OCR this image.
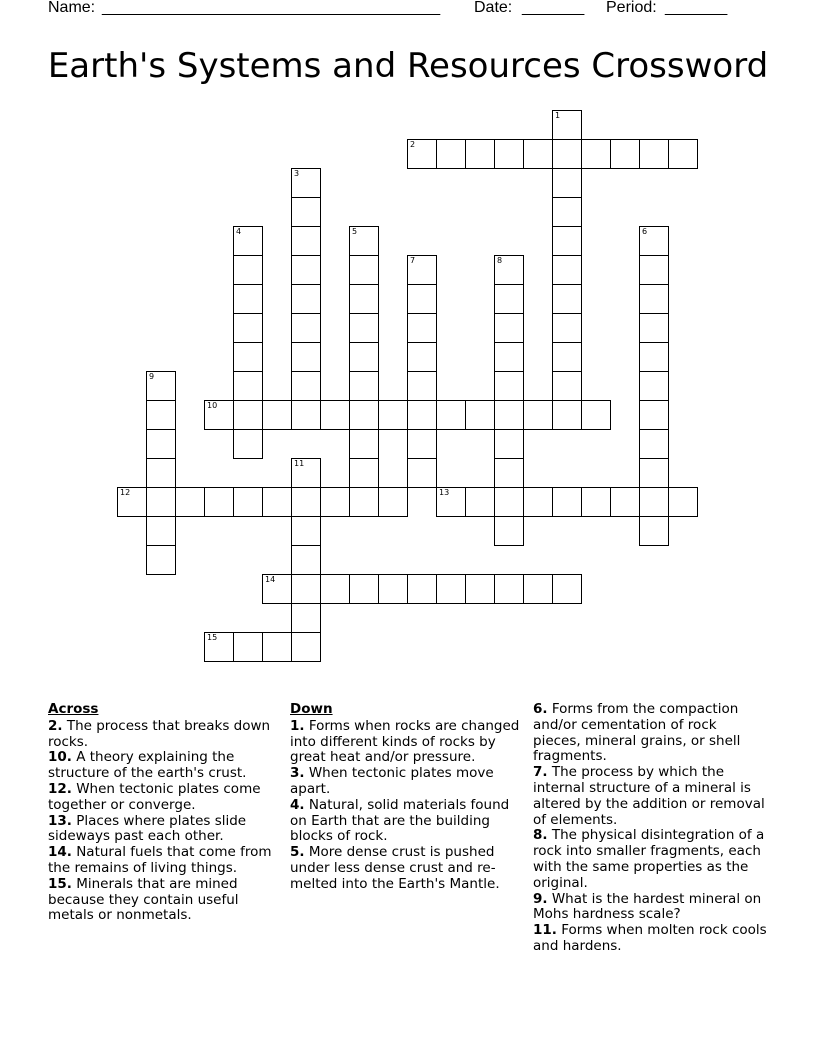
Name: ______________________________________ Date: _______ Period: _______
Earth's Systems and Resources Crossword
1
2
3
4	5	6
7	8
9
10
11
12	13
14
15
Across
2. The process that breaks down rocks.
10. A theory explaining the structure of the earth's crust.
12. When tectonic plates come together or converge.
13. Places where plates slide sideways past each other.
14. Natural fuels that come from the remains of living things.
15. Minerals that are mined because they contain useful metals or nonmetals.
Down
1. Forms when rocks are changed into different kinds of rocks by great heat and/or pressure.
3. When tectonic plates move apart.
4. Natural, solid materials found on Earth that are the building blocks of rock.
5. More dense crust is pushed under less dense crust and re-melted into the Earth's Mantle.
6. Forms from the compaction and/or cementation of rock pieces, mineral grains, or shell fragments.
7. The process by which the internal structure of a mineral is altered by the addition or removal of elements.
8. The physical disintegration of a rock into smaller fragments, each with the same properties as the original.
9. What is the hardest mineral on Mohs hardness scale?
11. Forms when molten rock cools and hardens.
